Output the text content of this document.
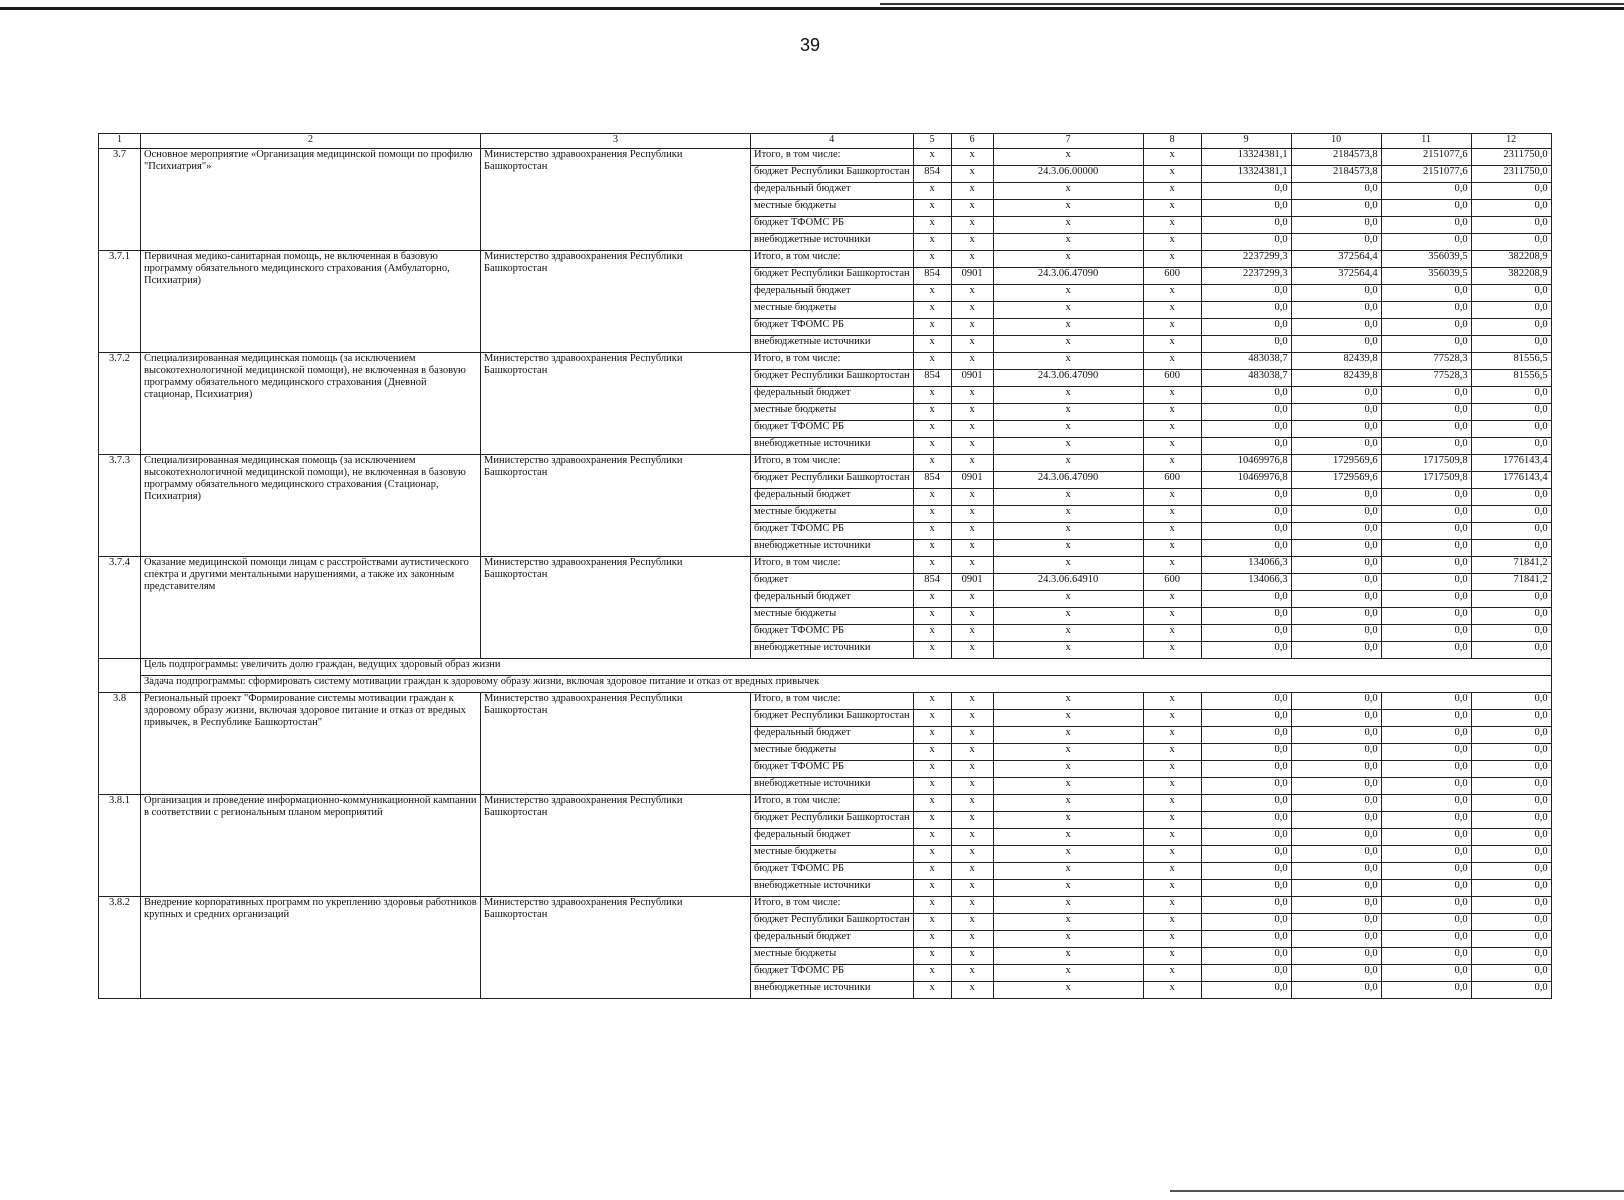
39
1	2	3	4	5	6	7	8	9	10	11	12
3.7	Основное мероприятие «Организация медицинской помощи по профилю "Психиатрия"»	Министерство здравоохранения Республики Башкортостан	Итого, в том числе:	x	x	x	x	13324381,1	2184573,8	2151077,6	2311750,0
			бюджет Республики Башкортостан	854	x	24.3.06.00000	x	13324381,1	2184573,8	2151077,6	2311750,0
			федеральный бюджет	x	x	x	x	0,0	0,0	0,0	0,0
			местные бюджеты	x	x	x	x	0,0	0,0	0,0	0,0
			бюджет ТФОМС РБ	x	x	x	x	0,0	0,0	0,0	0,0
			внебюджетные источники	x	x	x	x	0,0	0,0	0,0	0,0
3.7.1	Первичная медико-санитарная помощь, не включенная в базовую программу обязательного медицинского страхования (Амбулаторно, Психиатрия)	Министерство здравоохранения Республики Башкортостан	Итого, в том числе:	x	x	x	x	2237299,3	372564,4	356039,5	382208,9
			бюджет Республики Башкортостан	854	0901	24.3.06.47090	600	2237299,3	372564,4	356039,5	382208,9
			федеральный бюджет	x	x	x	x	0,0	0,0	0,0	0,0
			местные бюджеты	x	x	x	x	0,0	0,0	0,0	0,0
			бюджет ТФОМС РБ	x	x	x	x	0,0	0,0	0,0	0,0
			внебюджетные источники	x	x	x	x	0,0	0,0	0,0	0,0
3.7.2	Специализированная медицинская помощь (за исключением высокотехнологичной медицинской помощи), не включенная в базовую программу обязательного медицинского страхования (Дневной стационар, Психиатрия)	Министерство здравоохранения Республики Башкортостан	Итого, в том числе:	x	x	x	x	483038,7	82439,8	77528,3	81556,5
			бюджет Республики Башкортостан	854	0901	24.3.06.47090	600	483038,7	82439,8	77528,3	81556,5
			федеральный бюджет	x	x	x	x	0,0	0,0	0,0	0,0
			местные бюджеты	x	x	x	x	0,0	0,0	0,0	0,0
			бюджет ТФОМС РБ	x	x	x	x	0,0	0,0	0,0	0,0
			внебюджетные источники	x	x	x	x	0,0	0,0	0,0	0,0
3.7.3	Специализированная медицинская помощь (за исключением высокотехнологичной медицинской помощи), не включенная в базовую программу обязательного медицинского страхования (Стационар, Психиатрия)	Министерство здравоохранения Республики Башкортостан	Итого, в том числе:	x	x	x	x	10469976,8	1729569,6	1717509,8	1776143,4
			бюджет Республики Башкортостан	854	0901	24.3.06.47090	600	10469976,8	1729569,6	1717509,8	1776143,4
			федеральный бюджет	x	x	x	x	0,0	0,0	0,0	0,0
			местные бюджеты	x	x	x	x	0,0	0,0	0,0	0,0
			бюджет ТФОМС РБ	x	x	x	x	0,0	0,0	0,0	0,0
			внебюджетные источники	x	x	x	x	0,0	0,0	0,0	0,0
3.7.4	Оказание медицинской помощи лицам с расстройствами аутистического спектра и другими ментальными нарушениями, а также их законным представителям	Министерство здравоохранения Республики Башкортостан	Итого, в том числе:	x	x	x	x	134066,3	0,0	0,0	71841,2
			бюджет	854	0901	24.3.06.64910	600	134066,3	0,0	0,0	71841,2
			федеральный бюджет	x	x	x	x	0,0	0,0	0,0	0,0
			местные бюджеты	x	x	x	x	0,0	0,0	0,0	0,0
			бюджет ТФОМС РБ	x	x	x	x	0,0	0,0	0,0	0,0
			внебюджетные источники	x	x	x	x	0,0	0,0	0,0	0,0
	Цель подпрограммы: увеличить долю граждан, ведущих здоровый образ жизни										
	Задача подпрограммы: сформировать систему мотивации граждан к здоровому образу жизни, включая здоровое питание и отказ от вредных привычек										
3.8	Региональный проект "Формирование системы мотивации граждан к здоровому образу жизни, включая здоровое питание и отказ от вредных привычек, в Республике Башкортостан"	Министерство здравоохранения Республики Башкортостан	Итого, в том числе:	x	x	x	x	0,0	0,0	0,0	0,0
			бюджет Республики Башкортостан	x	x	x	x	0,0	0,0	0,0	0,0
			федеральный бюджет	x	x	x	x	0,0	0,0	0,0	0,0
			местные бюджеты	x	x	x	x	0,0	0,0	0,0	0,0
			бюджет ТФОМС РБ	x	x	x	x	0,0	0,0	0,0	0,0
			внебюджетные источники	x	x	x	x	0,0	0,0	0,0	0,0
3.8.1	Организация и проведение информационно-коммуникационной кампании в соответствии с региональным планом мероприятий	Министерство здравоохранения Республики Башкортостан	Итого, в том числе:	x	x	x	x	0,0	0,0	0,0	0,0
			бюджет Республики Башкортостан	x	x	x	x	0,0	0,0	0,0	0,0
			федеральный бюджет	x	x	x	x	0,0	0,0	0,0	0,0
			местные бюджеты	x	x	x	x	0,0	0,0	0,0	0,0
			бюджет ТФОМС РБ	x	x	x	x	0,0	0,0	0,0	0,0
			внебюджетные источники	x	x	x	x	0,0	0,0	0,0	0,0
3.8.2	Внедрение корпоративных программ по укреплению здоровья работников крупных и средних организаций	Министерство здравоохранения Республики Башкортостан	Итого, в том числе:	x	x	x	x	0,0	0,0	0,0	0,0
			бюджет Республики Башкортостан	x	x	x	x	0,0	0,0	0,0	0,0
			федеральный бюджет	x	x	x	x	0,0	0,0	0,0	0,0
			местные бюджеты	x	x	x	x	0,0	0,0	0,0	0,0
			бюджет ТФОМС РБ	x	x	x	x	0,0	0,0	0,0	0,0
			внебюджетные источники	x	x	x	x	0,0	0,0	0,0	0,0
